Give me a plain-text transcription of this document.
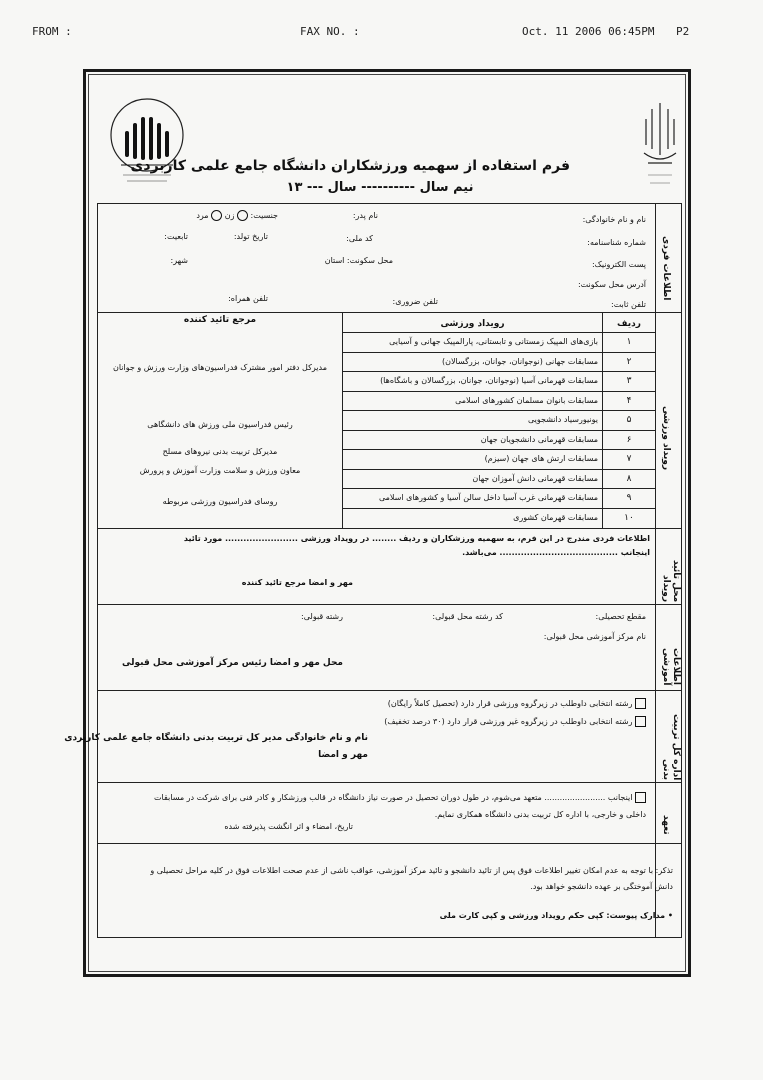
FROM :	FAX NO. :	Oct. 11 2006 06:45PM P2
فرم استفاده از سهمیه ورزشکاران دانشگاه جامع علمی کاربردی
نیم سال ---------- سال --- ۱۳
اطلاعات فردی
رویداد ورزشی
محل تائید رویداد
اطلاعات آموزشی
اداره کل تربیت بدنی
تعهد
نام و نام خانوادگی:
نام پدر:
جنسیت:  زن  مرد
شماره شناسنامه:
کد ملی:
تاریخ تولد:
تابعیت:
پست الکترونیک:
محل سکونت: استان
شهر:
آدرس محل سکونت:
تلفن ثابت:
تلفن ضروری:
تلفن همراه:
ردیف
رویداد ورزشی
مرجع تائید کننده
۱
بازی‌های المپیک زمستانی و تابستانی، پارالمپیک جهانی و آسیایی
۲
مسابقات جهانی (نوجوانان، جوانان، بزرگسالان)
۳
مسابقات قهرمانی آسیا (نوجوانان، جوانان، بزرگسالان و باشگاه‌ها)
۴
مسابقات بانوان مسلمان کشورهای اسلامی
۵
یونیورسیاد دانشجویی
۶
مسابقات قهرمانی دانشجویان جهان
۷
مسابقات ارتش های جهان (سیزم)
۸
مسابقات قهرمانی دانش آموزان جهان
۹
مسابقات قهرمانی غرب آسیا داخل سالن آسیا و کشورهای اسلامی
۱۰
مسابقات قهرمان کشوری
مدیرکل دفتر امور مشترک فدراسیون‌های وزارت ورزش و جوانان
رئیس فدراسیون ملی ورزش های دانشگاهی
مدیرکل تربیت بدنی نیروهای مسلح
معاون ورزش و سلامت وزارت آموزش و پرورش
روسای فدراسیون ورزشی مربوطه
اطلاعات فردی مندرج در این فرم، به سهمیه ورزشکاران و ردیف ........ در رویداد ورزشی ........................ مورد تائید
اینجانب ....................................... می‌باشد.
مهر و امضا مرجع تائید کننده
مقطع تحصیلی:
کد رشته محل قبولی:
رشته قبولی:
نام مرکز آموزشی محل قبولی:
محل مهر و امضا رئیس مرکز آموزشی محل قبولی
رشته انتخابی داوطلب در زیرگروه ورزشی قرار دارد (تحصیل کاملاً رایگان)
رشته انتخابی داوطلب در زیرگروه غیر ورزشی قرار دارد (۳۰ درصد تخفیف)
نام و نام خانوادگی مدیر کل تربیت بدنی دانشگاه جامع علمی کاربردی
مهر و امضا
اینجانب ........................ متعهد می‌شوم، در طول دوران تحصیل در صورت نیاز دانشگاه در قالب ورزشکار و کادر فنی برای شرکت در مسابقات
داخلی و خارجی، با اداره کل تربیت بدنی دانشگاه همکاری نمایم.
تاریخ، امضاء و اثر انگشت پذیرفته شده
تذکر: با توجه به عدم امکان تغییر اطلاعات فوق پس از تائید دانشجو و تائید مرکز آموزشی، عواقب ناشی از عدم صحت اطلاعات فوق در کلیه مراحل تحصیلی و
دانش آموختگی بر عهده دانشجو خواهد بود.
• مدارک پیوست: کپی حکم رویداد ورزشی و کپی کارت ملی
